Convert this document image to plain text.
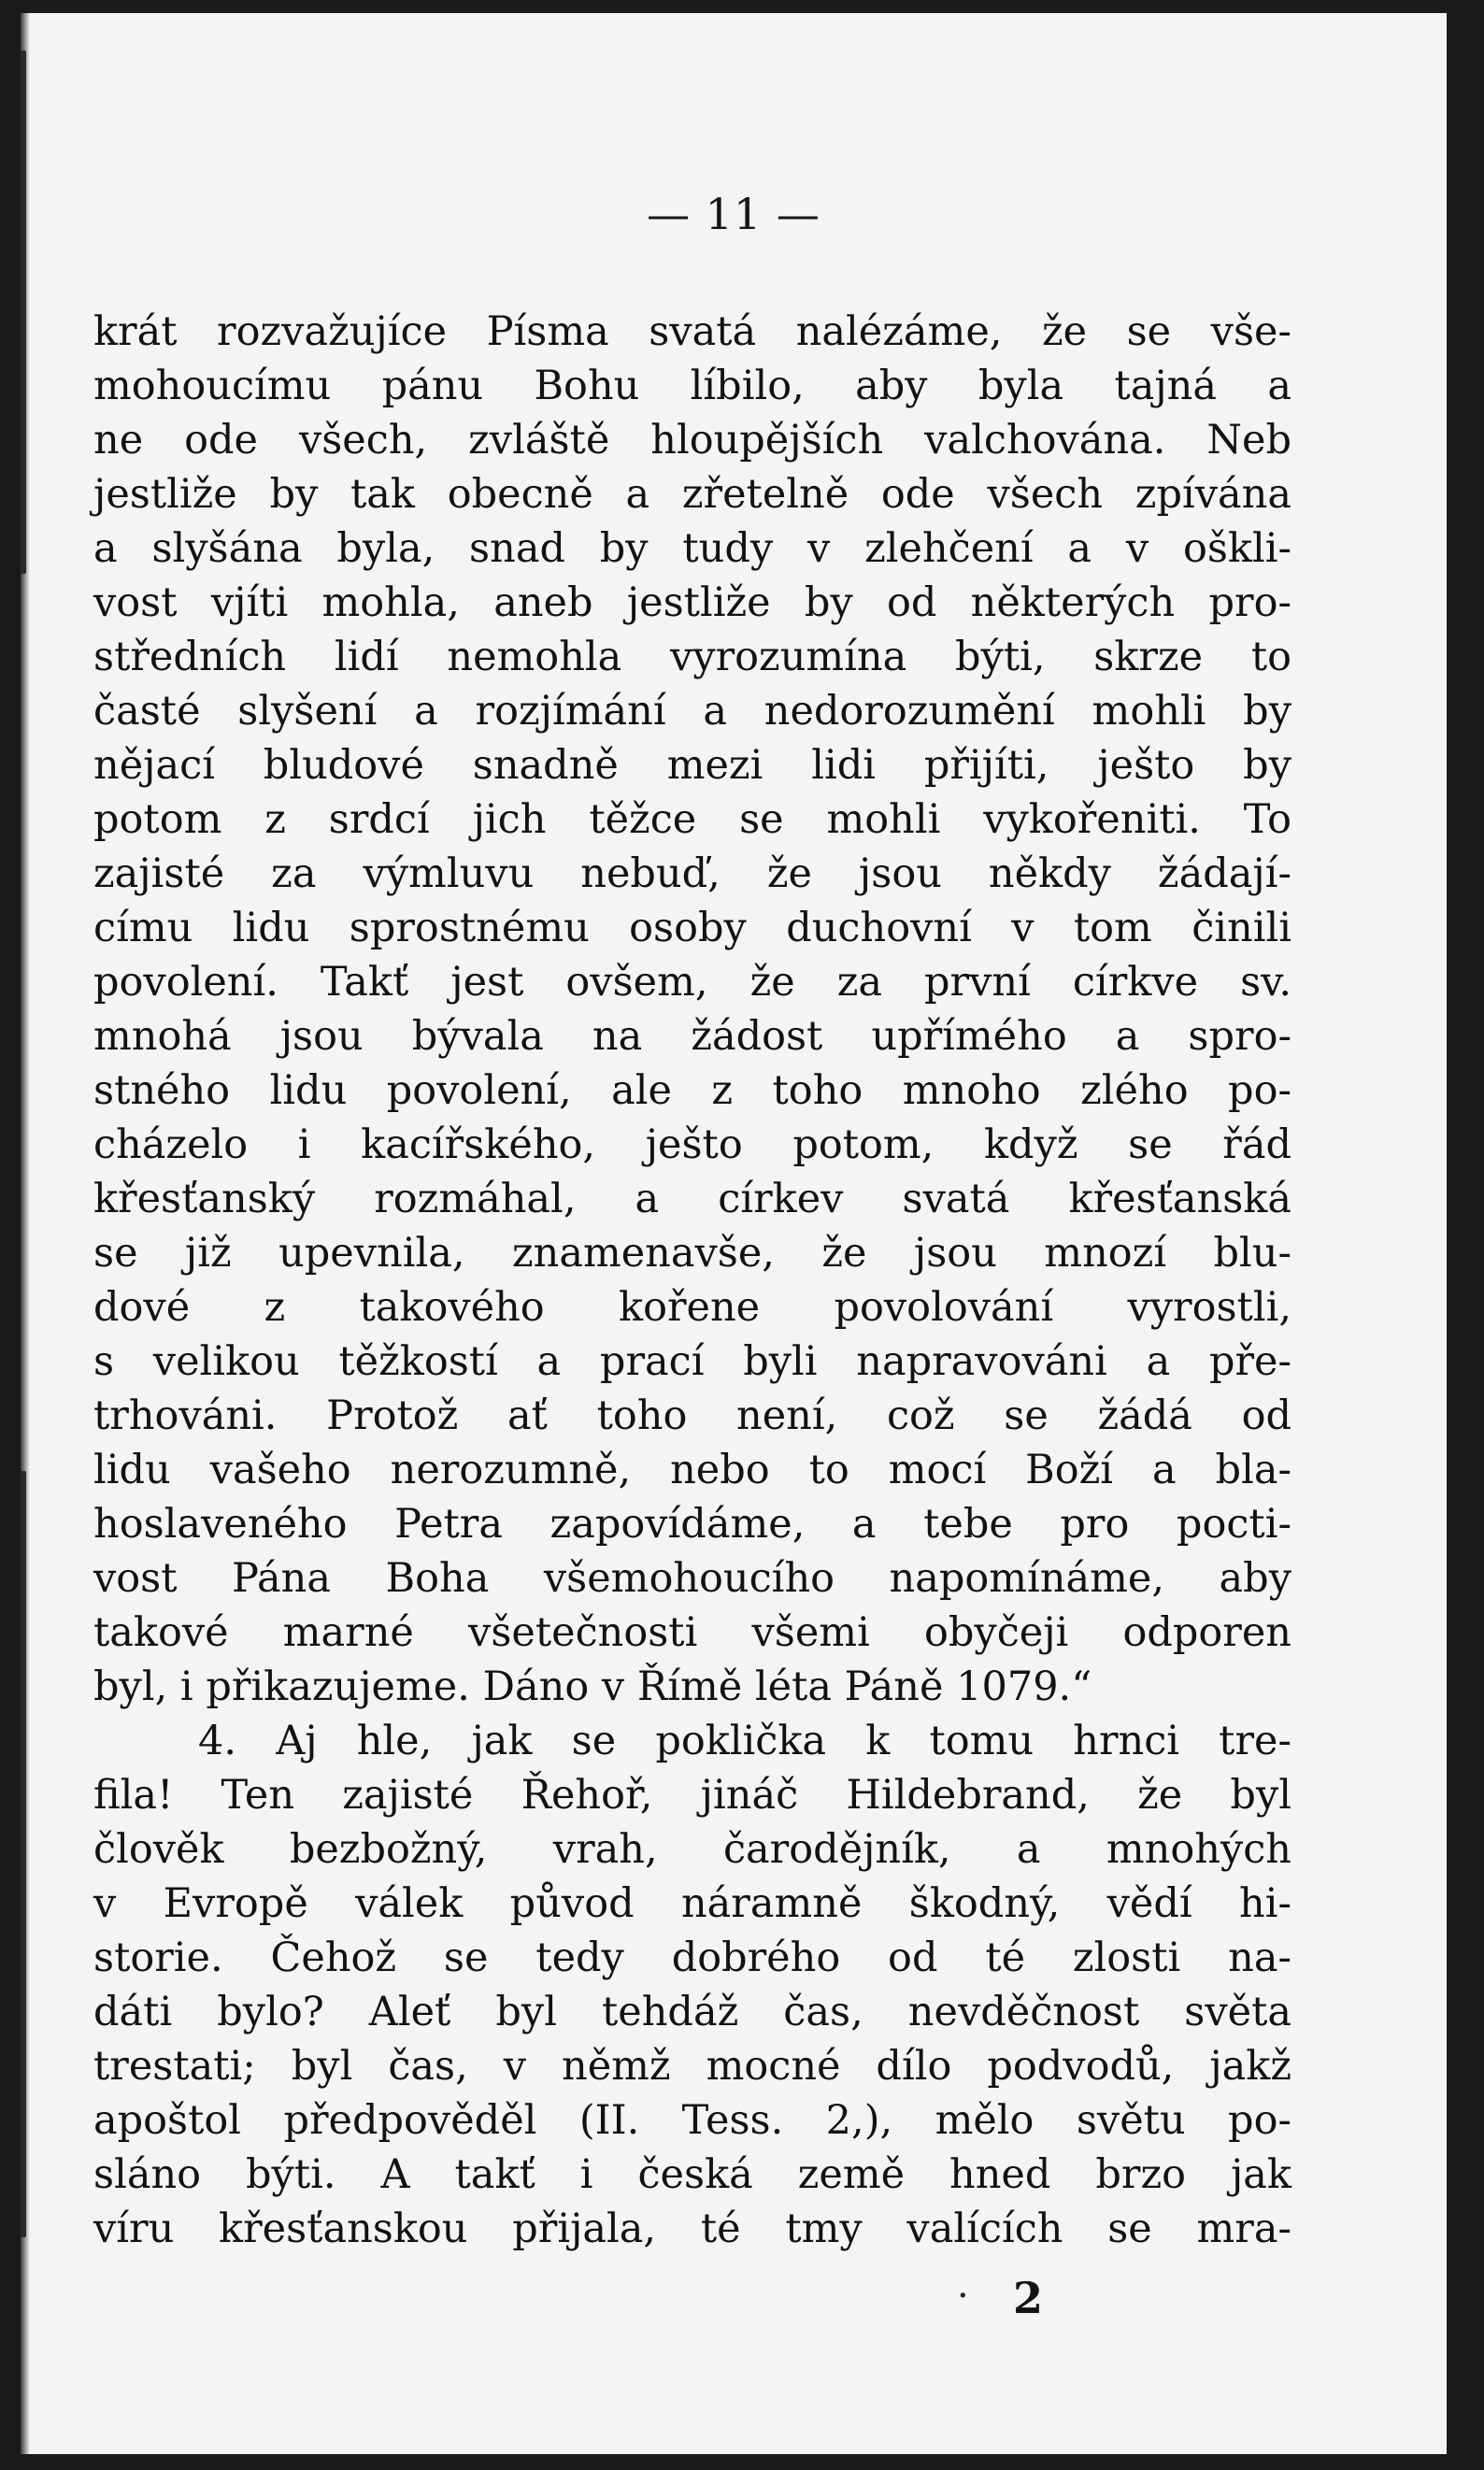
— 11 —
krát rozvažujíce Písma svatá nalézáme, že se vše-
mohoucímu pánu Bohu líbilo, aby byla tajná a
ne ode všech, zvláště hloupějších valchována. Neb
jestliže by tak obecně a zřetelně ode všech zpívána
a slyšána byla, snad by tudy v zlehčení a v oškli-
vost vjíti mohla, aneb jestliže by od některých pro-
středních lidí nemohla vyrozumína býti, skrze to
časté slyšení a rozjímání a nedorozumění mohli by
nějací bludové snadně mezi lidi přijíti, ješto by
potom z srdcí jich těžce se mohli vykořeniti. To
zajisté za výmluvu nebuď, že jsou někdy žádají-
címu lidu sprostnému osoby duchovní v tom činili
povolení. Takť jest ovšem, že za první církve sv.
mnohá jsou bývala na žádost upřímého a spro-
stného lidu povolení, ale z toho mnoho zlého po-
cházelo i kacířského, ješto potom, když se řád
křesťanský rozmáhal, a církev svatá křesťanská
se již upevnila, znamenavše, že jsou mnozí blu-
dové z takového kořene povolování vyrostli,
s velikou těžkostí a prací byli napravováni a pře-
trhováni. Protož ať toho není, což se žádá od
lidu vašeho nerozumně, nebo to mocí Boží a bla-
hoslaveného Petra zapovídáme, a tebe pro pocti-
vost Pána Boha všemohoucího napomínáme, aby
takové marné všetečnosti všemi obyčeji odporen
byl, i přikazujeme. Dáno v Římě léta Páně 1079.“
4. Aj hle, jak se poklička k tomu hrnci tre-
fila! Ten zajisté Řehoř, jináč Hildebrand, že byl
člověk bezbožný, vrah, čarodějník, a mnohých
v Evropě válek původ náramně škodný, vědí hi-
storie. Čehož se tedy dobrého od té zlosti na-
dáti bylo? Aleť byl tehdáž čas, nevděčnost světa
trestati; byl čas, v němž mocné dílo podvodů, jakž
apoštol předpověděl (II. Tess. 2,), mělo světu po-
sláno býti. A takť i česká země hned brzo jak
víru křesťanskou přijala, té tmy valících se mra-
· 2
